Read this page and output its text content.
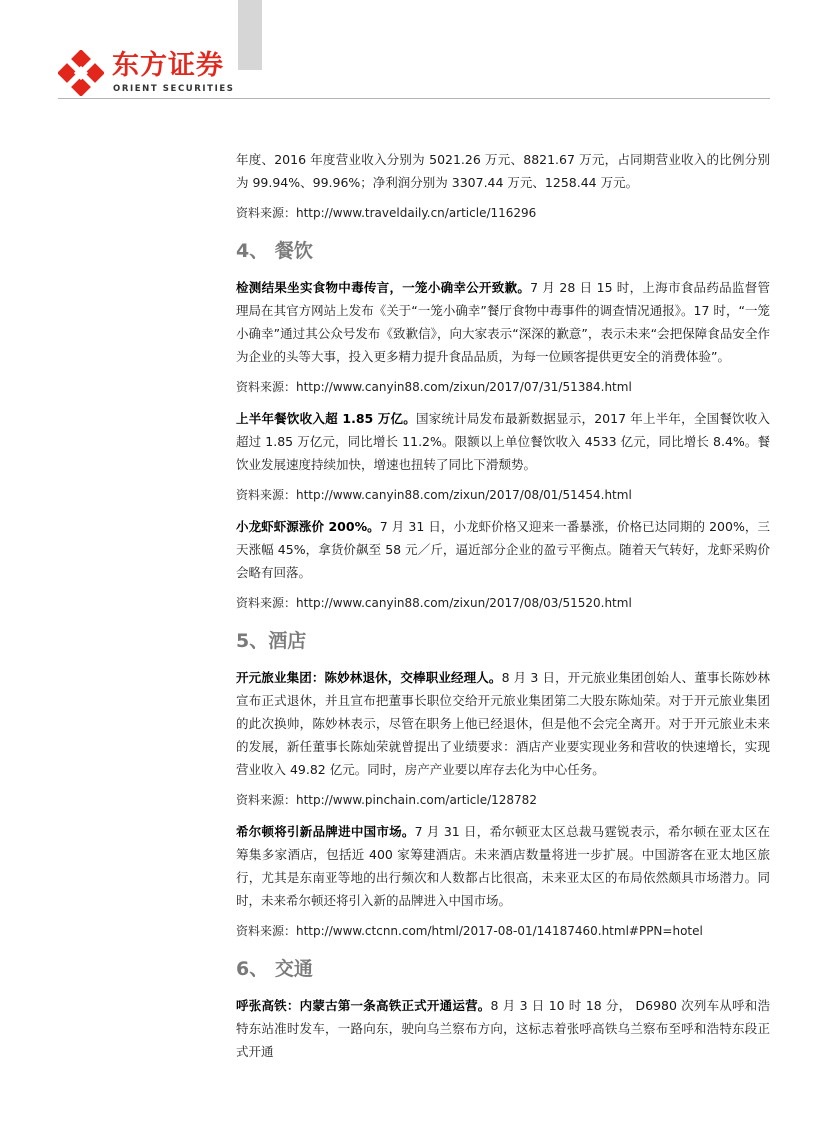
东方证券
ORIENT SECURITIES

年度、2016 年度营业收入分别为 5021.26 万元、8821.67 万元，占同期营业收入的比例分别为 99.94%、99.96%；净利润分别为 3307.44 万元、1258.44 万元。

资料来源：http://www.traveldaily.cn/article/116296

4、 餐饮

检测结果坐实食物中毒传言，一笼小确幸公开致歉。7 月 28 日 15 时，上海市食品药品监督管理局在其官方网站上发布《关于“一笼小确幸”餐厅食物中毒事件的调查情况通报》。17 时，“一笼小确幸”通过其公众号发布《致歉信》，向大家表示“深深的歉意”，表示未来“会把保障食品安全作为企业的头等大事，投入更多精力提升食品品质，为每一位顾客提供更安全的消费体验”。

资料来源：http://www.canyin88.com/zixun/2017/07/31/51384.html

上半年餐饮收入超 1.85 万亿。国家统计局发布最新数据显示，2017 年上半年，全国餐饮收入超过 1.85 万亿元，同比增长 11.2%。限额以上单位餐饮收入 4533 亿元，同比增长 8.4%。餐饮业发展速度持续加快，增速也扭转了同比下滑颓势。

资料来源：http://www.canyin88.com/zixun/2017/08/01/51454.html

小龙虾虾源涨价 200%。7 月 31 日，小龙虾价格又迎来一番暴涨，价格已达同期的 200%，三天涨幅 45%，拿货价飙至 58 元／斤，逼近部分企业的盈亏平衡点。随着天气转好，龙虾采购价会略有回落。

资料来源：http://www.canyin88.com/zixun/2017/08/03/51520.html

5、酒店

开元旅业集团：陈妙林退休，交棒职业经理人。8 月 3 日，开元旅业集团创始人、董事长陈妙林宣布正式退休，并且宣布把董事长职位交给开元旅业集团第二大股东陈灿荣。对于开元旅业集团的此次换帅，陈妙林表示，尽管在职务上他已经退休，但是他不会完全离开。对于开元旅业未来的发展，新任董事长陈灿荣就曾提出了业绩要求：酒店产业要实现业务和营收的快速增长，实现营业收入 49.82 亿元。同时，房产产业要以库存去化为中心任务。

资料来源：http://www.pinchain.com/article/128782

希尔顿将引新品牌进中国市场。7 月 31 日，希尔顿亚太区总裁马霆锐表示，希尔顿在亚太区在筹集多家酒店，包括近 400 家筹建酒店。未来酒店数量将进一步扩展。中国游客在亚太地区旅行，尤其是东南亚等地的出行频次和人数都占比很高，未来亚太区的布局依然颇具市场潜力。同时，未来希尔顿还将引入新的品牌进入中国市场。

资料来源：http://www.ctcnn.com/html/2017-08-01/14187460.html#PPN=hotel

6、 交通

呼张高铁：内蒙古第一条高铁正式开通运营。8 月 3 日 10 时 18 分， D6980 次列车从呼和浩特东站准时发车，一路向东，驶向乌兰察布方向，这标志着张呼高铁乌兰察布至呼和浩特东段正式开通
